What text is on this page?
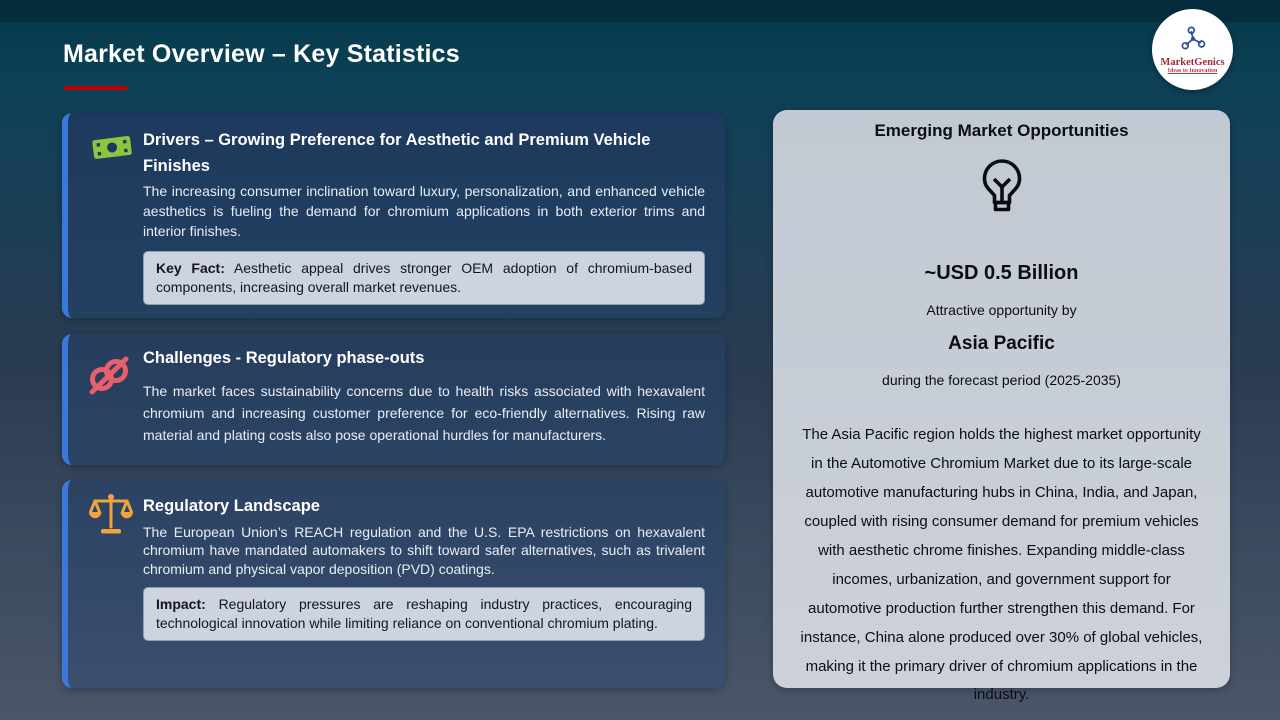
Market Overview – Key Statistics	MarketGenics
Ideas to Innovation
Drivers – Growing Preference for Aesthetic and Premium Vehicle Finishes
The increasing consumer inclination toward luxury, personalization, and enhanced vehicle aesthetics is fueling the demand for chromium applications in both exterior trims and interior finishes.
Key Fact: Aesthetic appeal drives stronger OEM adoption of chromium-based components, increasing overall market revenues.
Challenges - Regulatory phase-outs
The market faces sustainability concerns due to health risks associated with hexavalent chromium and increasing customer preference for eco-friendly alternatives. Rising raw material and plating costs also pose operational hurdles for manufacturers.
Regulatory Landscape
The European Union’s REACH regulation and the U.S. EPA restrictions on hexavalent chromium have mandated automakers to shift toward safer alternatives, such as trivalent chromium and physical vapor deposition (PVD) coatings.
Impact: Regulatory pressures are reshaping industry practices, encouraging technological innovation while limiting reliance on conventional chromium plating.
Emerging Market Opportunities
~USD 0.5 Billion
Attractive opportunity by
Asia Pacific
during the forecast period (2025-2035)

The Asia Pacific region holds the highest market opportunity in the Automotive Chromium Market due to its large-scale automotive manufacturing hubs in China, India, and Japan, coupled with rising consumer demand for premium vehicles with aesthetic chrome finishes. Expanding middle-class incomes, urbanization, and government support for automotive production further strengthen this demand. For instance, China alone produced over 30% of global vehicles, making it the primary driver of chromium applications in the industry.
